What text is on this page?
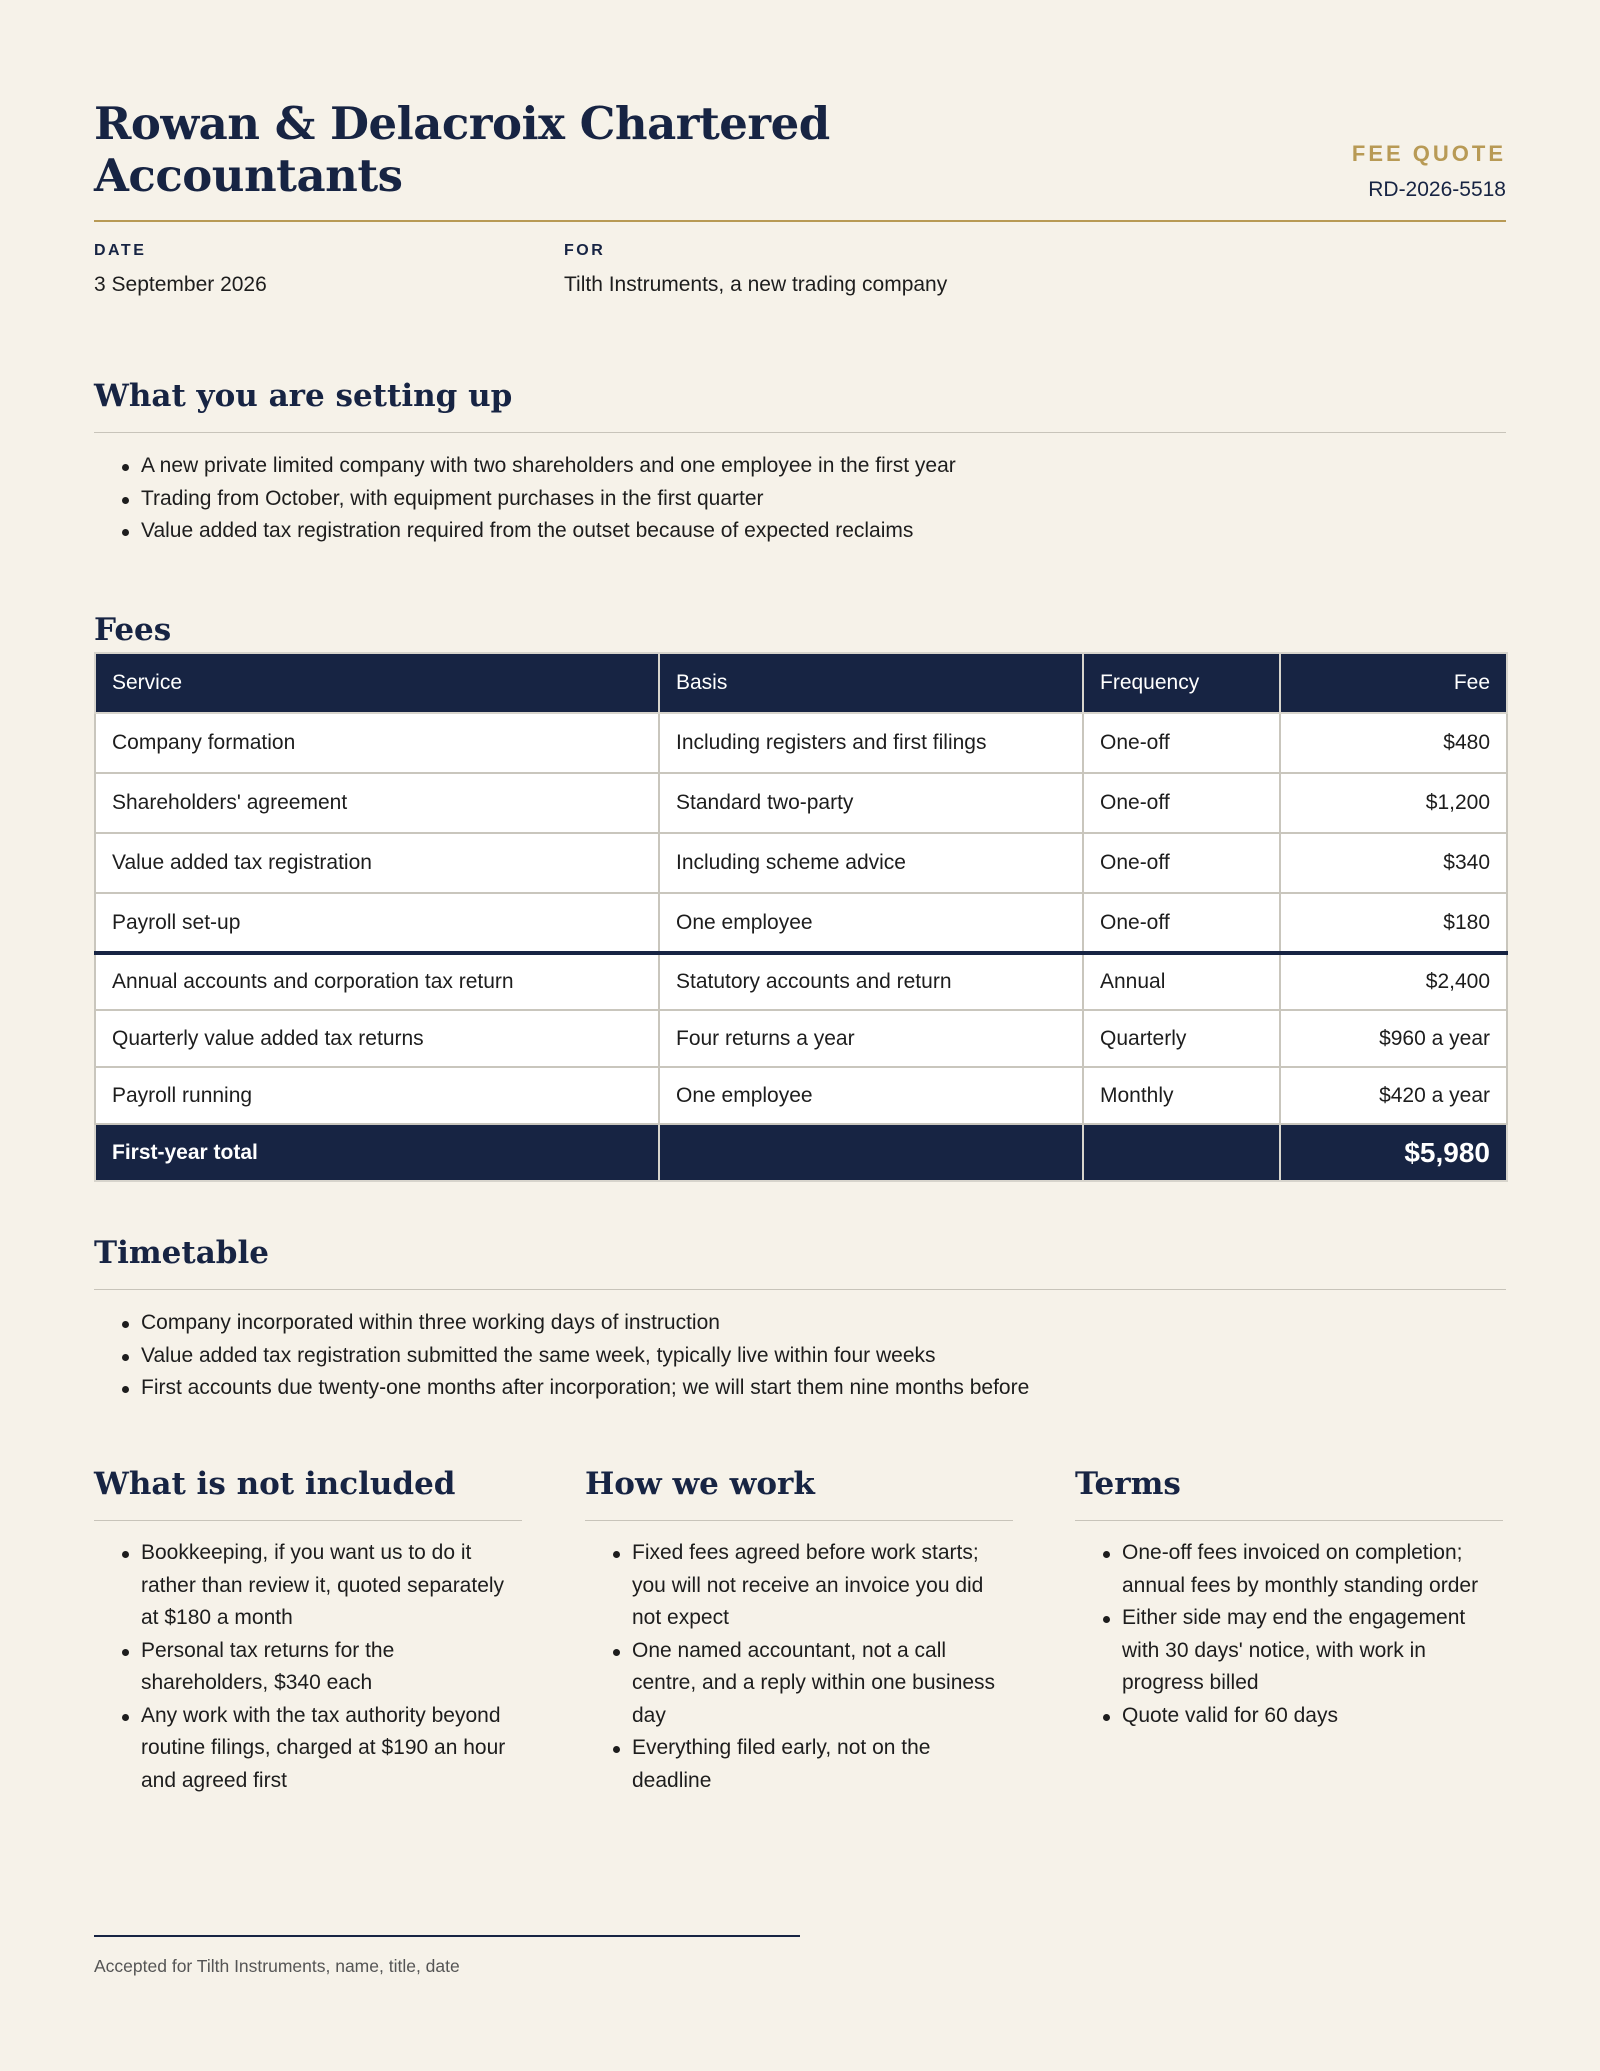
Rowan & Delacroix Chartered Accountants	FEE QUOTE
RD-2026-5518
DATE
3 September 2026
FOR
Tilth Instruments, a new trading company
What you are setting up
A new private limited company with two shareholders and one employee in the first year
Trading from October, with equipment purchases in the first quarter
Value added tax registration required from the outset because of expected reclaims
Fees
Service	Basis	Frequency	Fee
Company formation	Including registers and first filings	One-off	$480
Shareholders' agreement	Standard two-party	One-off	$1,200
Value added tax registration	Including scheme advice	One-off	$340
Payroll set-up	One employee	One-off	$180
Annual accounts and corporation tax return	Statutory accounts and return	Annual	$2,400
Quarterly value added tax returns	Four returns a year	Quarterly	$960 a year
Payroll running	One employee	Monthly	$420 a year
First-year total			$5,980
Timetable
Company incorporated within three working days of instruction
Value added tax registration submitted the same week, typically live within four weeks
First accounts due twenty-one months after incorporation; we will start them nine months before
What is not included
Bookkeeping, if you want us to do it rather than review it, quoted separately at $180 a month
Personal tax returns for the shareholders, $340 each
Any work with the tax authority beyond routine filings, charged at $190 an hour and agreed first
How we work
Fixed fees agreed before work starts; you will not receive an invoice you did not expect
One named accountant, not a call centre, and a reply within one business day
Everything filed early, not on the deadline
Terms
One-off fees invoiced on completion; annual fees by monthly standing order
Either side may end the engagement with 30 days' notice, with work in progress billed
Quote valid for 60 days
Accepted for Tilth Instruments, name, title, date
